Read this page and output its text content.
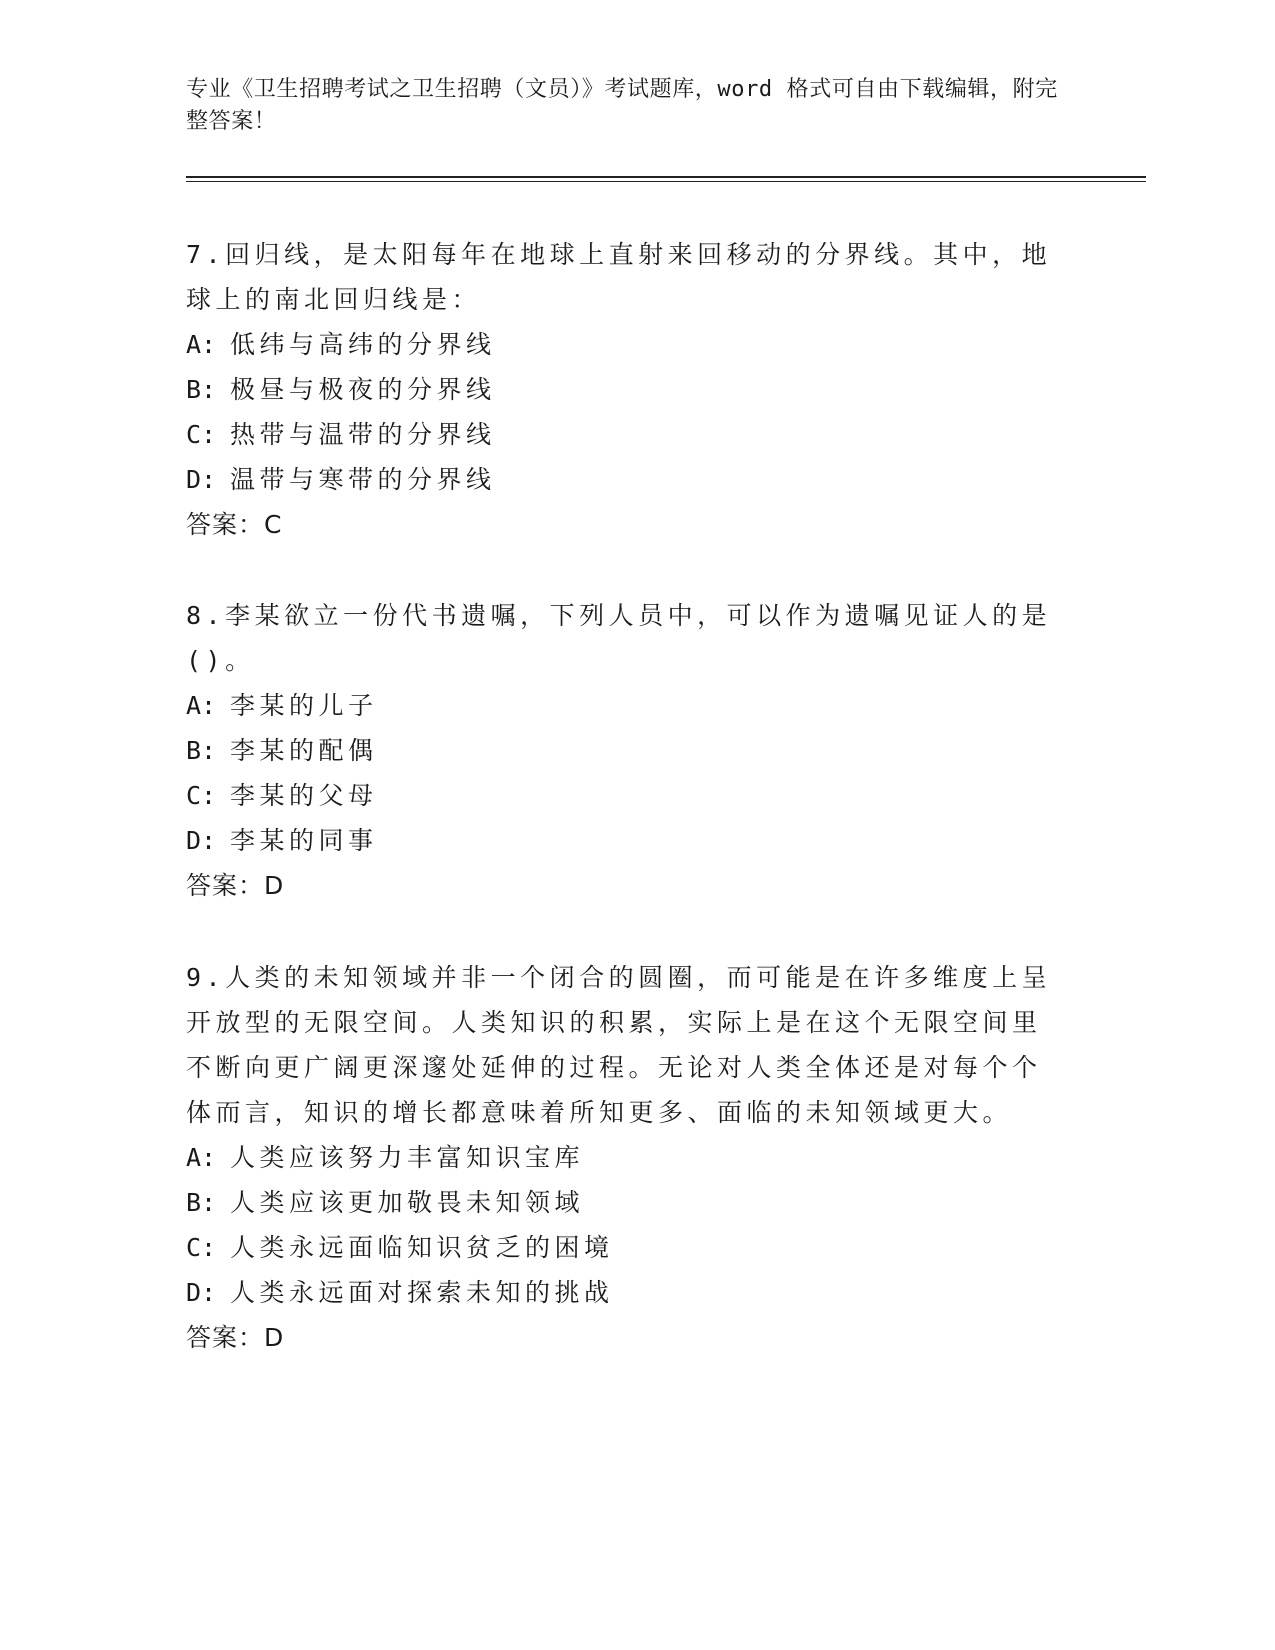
专业《卫生招聘考试之卫生招聘（文员）》考试题库，word 格式可自由下载编辑，附完整答案！
7.回归线，是太阳每年在地球上直射来回移动的分界线。其中，地球上的南北回归线是：
A: 低纬与高纬的分界线
B: 极昼与极夜的分界线
C: 热带与温带的分界线
D: 温带与寒带的分界线
答案：C
8.李某欲立一份代书遗嘱，下列人员中，可以作为遗嘱见证人的是()。
A: 李某的儿子
B: 李某的配偶
C: 李某的父母
D: 李某的同事
答案：D
9.人类的未知领域并非一个闭合的圆圈，而可能是在许多维度上呈开放型的无限空间。人类知识的积累，实际上是在这个无限空间里不断向更广阔更深邃处延伸的过程。无论对人类全体还是对每个个体而言，知识的增长都意味着所知更多、面临的未知领域更大。
A: 人类应该努力丰富知识宝库
B: 人类应该更加敬畏未知领域
C: 人类永远面临知识贫乏的困境
D: 人类永远面对探索未知的挑战
答案：D
